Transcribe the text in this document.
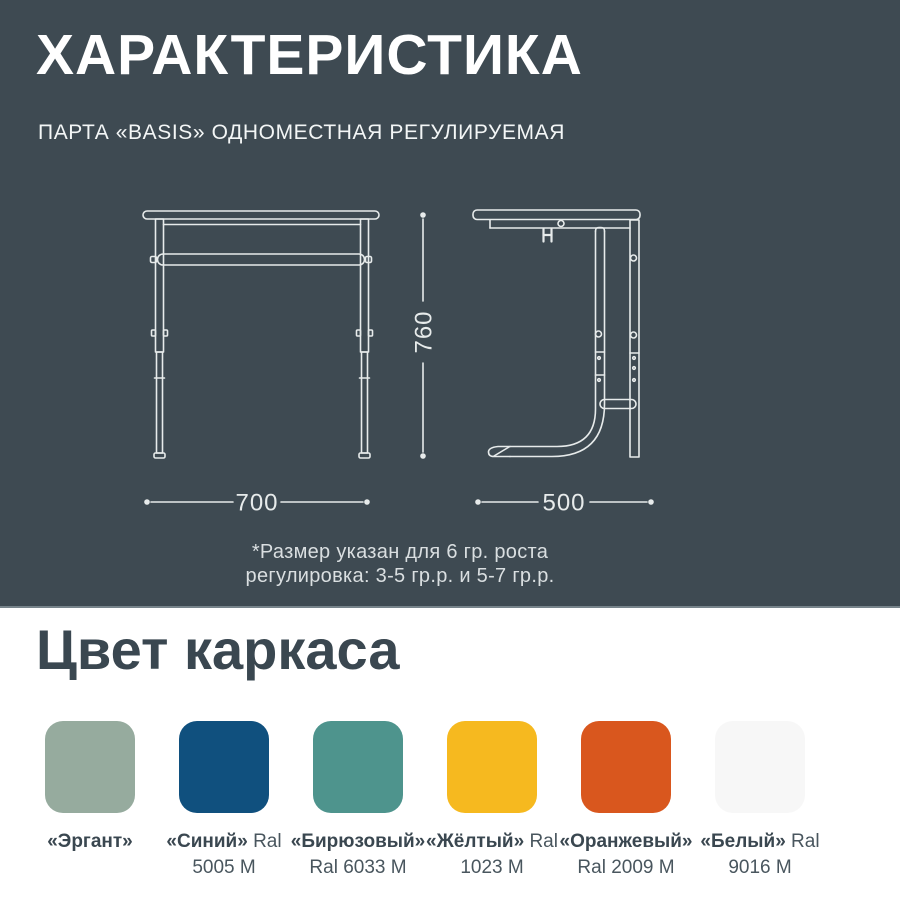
ХАРАКТЕРИСТИКА

ПАРТА «BASIS» ОДНОМЕСТНАЯ РЕГУЛИРУЕМАЯ

700	500
760

*Размер указан для 6 гр. роста
регулировка: 3-5 гр.р. и 5-7 гр.р.

Цвет каркаса
«Эргант»	«Синий» Ral 5005 M
«Бирюзовый» Ral 6033 M
«Жёлтый» Ral 1023 M
«Оранжевый» Ral 2009 M
«Белый» Ral 9016 M
